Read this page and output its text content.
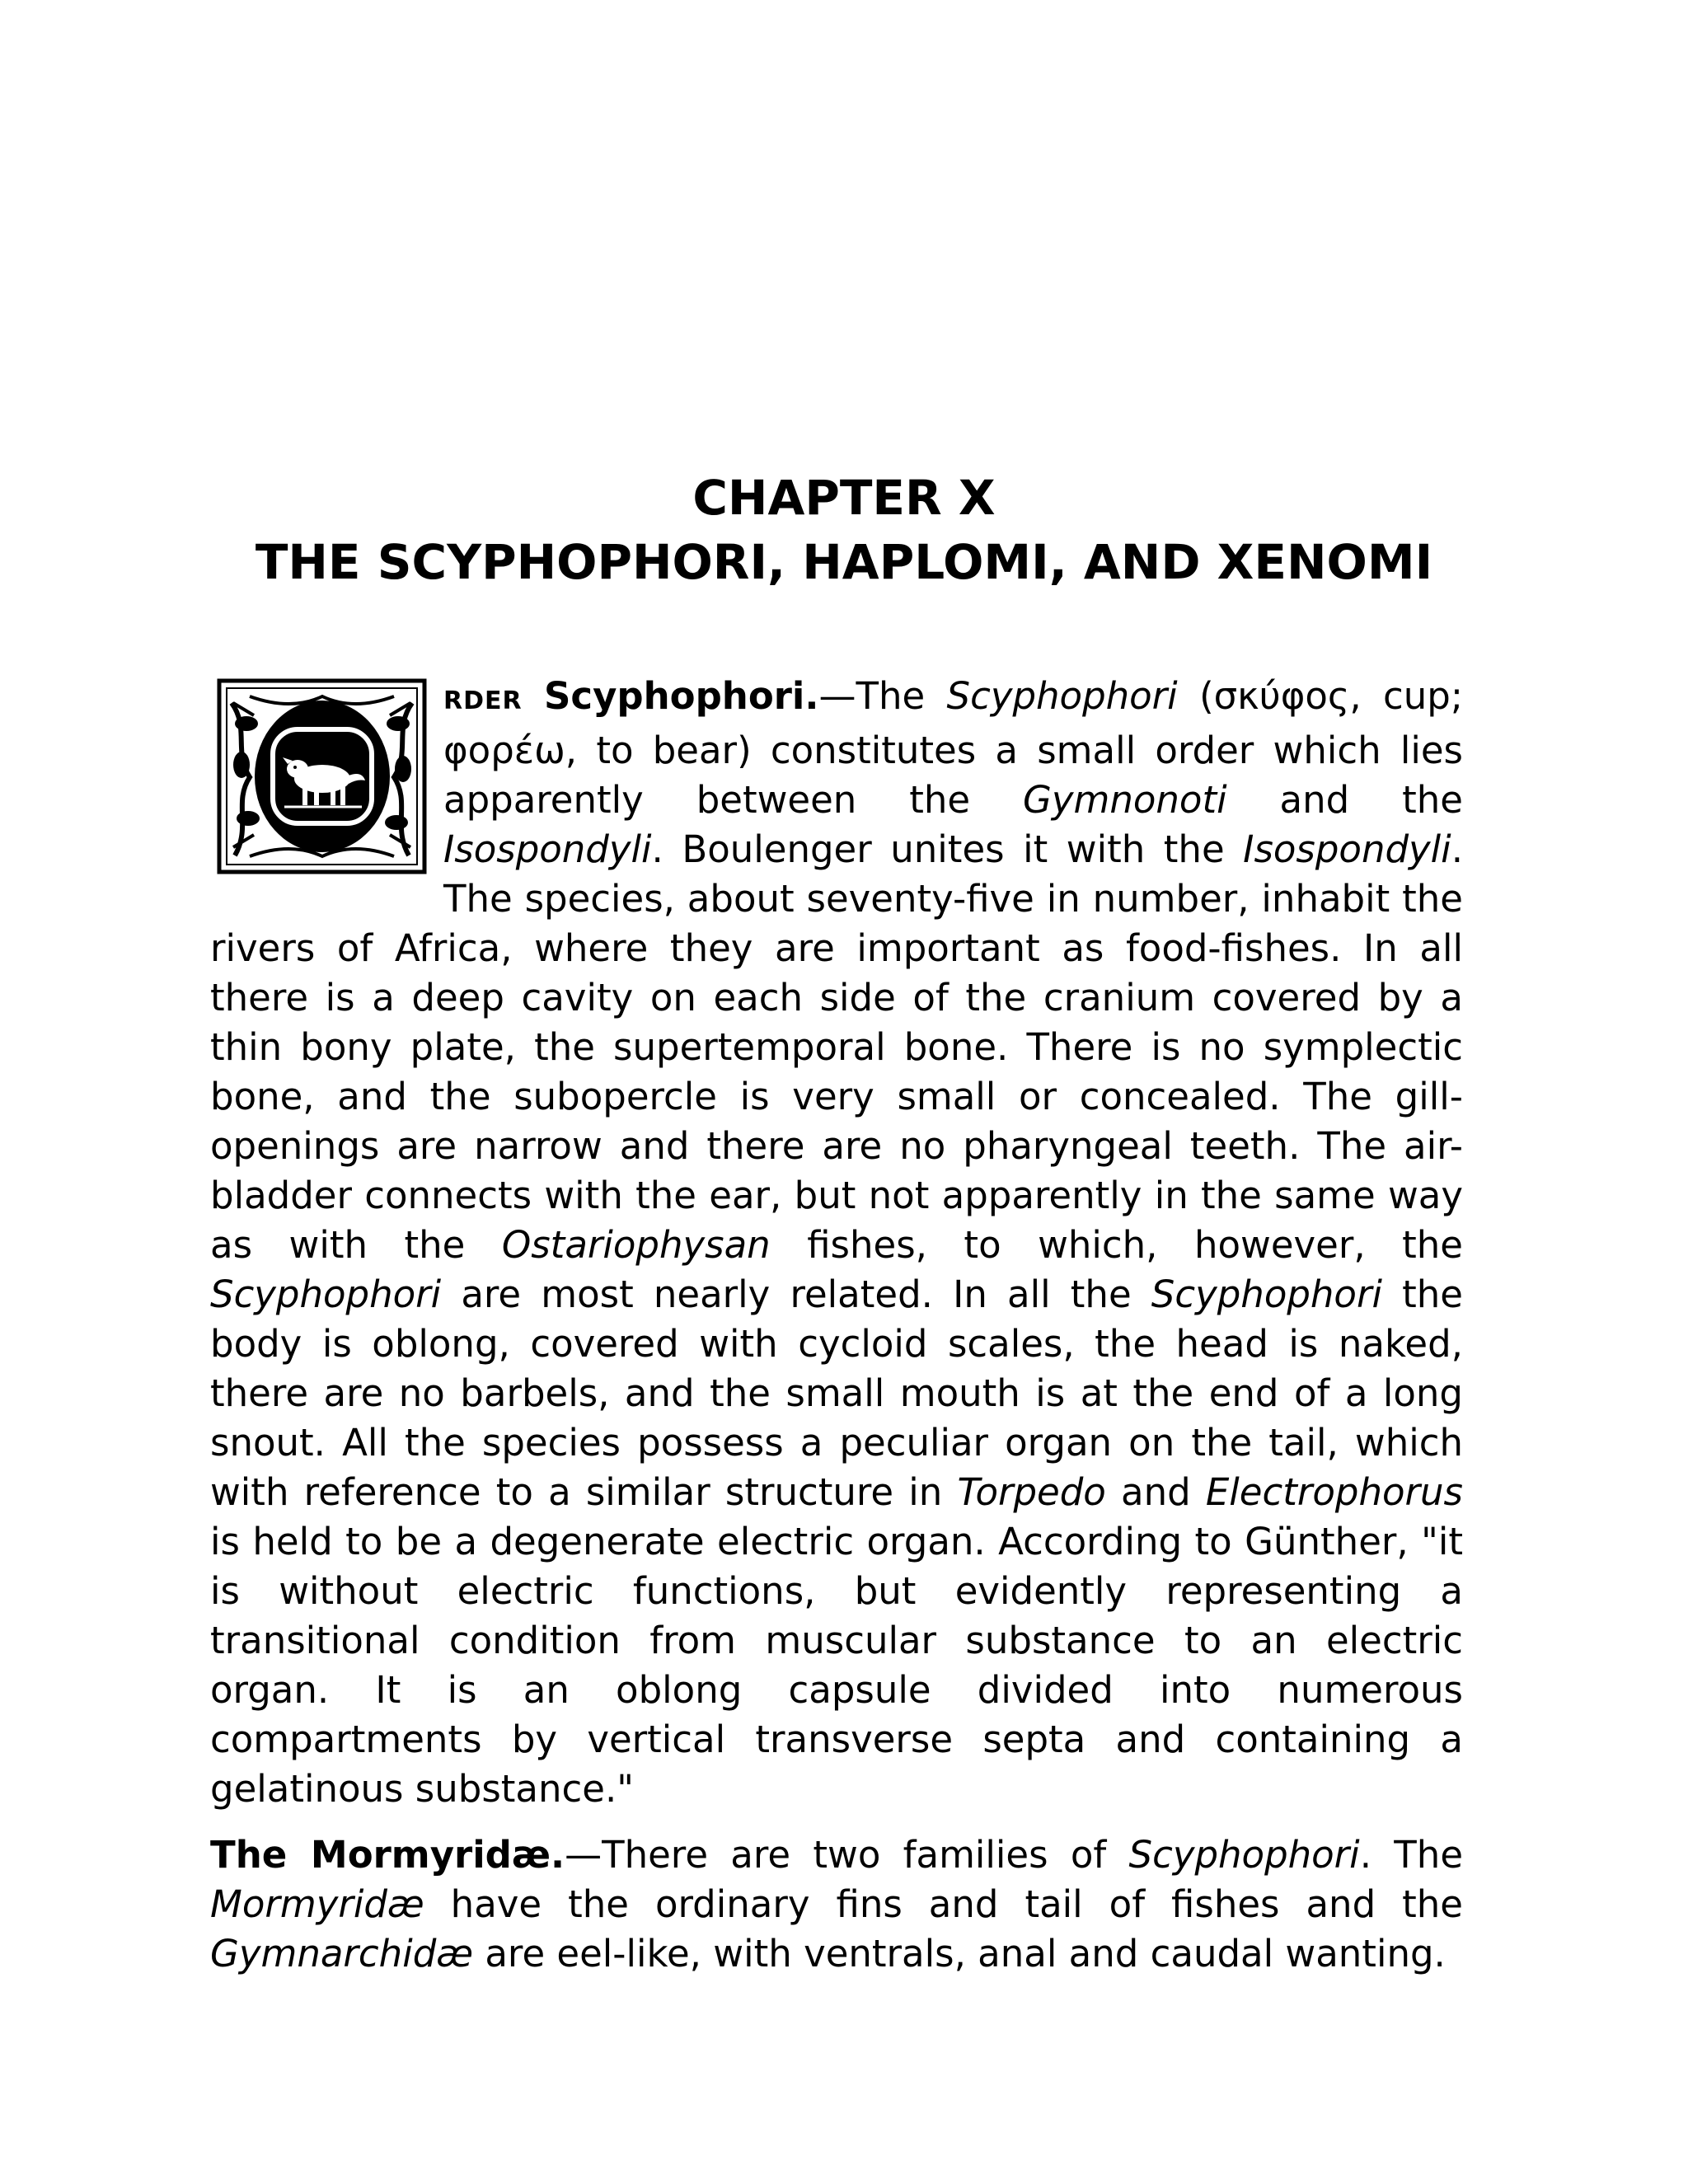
CHAPTER X
THE SCYPHOPHORI, HAPLOMI, AND XENOMI

RDER Scyphophori.—The Scyphophori (σκύφος, cup; φορέω, to bear) constitutes a small order which lies apparently between the Gymnonoti and the Isospondyli. Boulenger unites it with the Isospondyli. The species, about seventy-five in number, inhabit the rivers of Africa, where they are important as food-fishes. In all there is a deep cavity on each side of the cranium covered by a thin bony plate, the supertemporal bone. There is no symplectic bone, and the subopercle is very small or concealed. The gill-openings are narrow and there are no pharyngeal teeth. The air-bladder connects with the ear, but not apparently in the same way as with the Ostariophysan fishes, to which, however, the Scyphophori are most nearly related. In all the Scyphophori the body is oblong, covered with cycloid scales, the head is naked, there are no barbels, and the small mouth is at the end of a long snout. All the species possess a peculiar organ on the tail, which with reference to a similar structure in Torpedo and Electrophorus is held to be a degenerate electric organ. According to Günther, "it is without electric functions, but evidently representing a transitional condition from muscular substance to an electric organ. It is an oblong capsule divided into numerous compartments by vertical transverse septa and containing a gelatinous substance."

The Mormyridæ.—There are two families of Scyphophori. The Mormyridæ have the ordinary fins and tail of fishes and the Gymnarchidæ are eel-like, with ventrals, anal and caudal wanting.
